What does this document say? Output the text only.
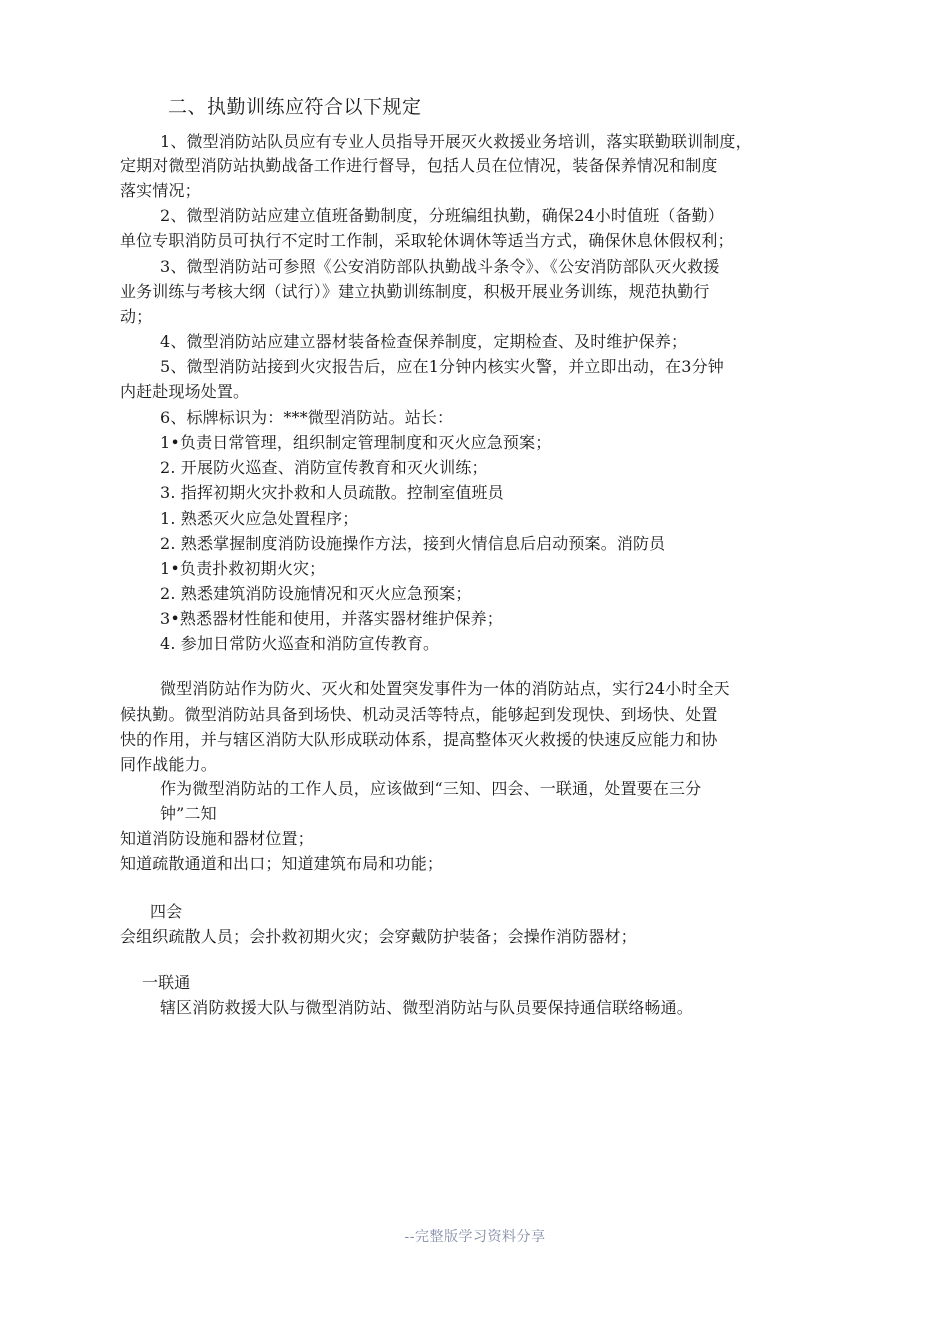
二、执勤训练应符合以下规定
1、微型消防站队员应有专业人员指导开展灭火救援业务培训，落实联勤联训制度，
定期对微型消防站执勤战备工作进行督导，包括人员在位情况，装备保养情况和制度
落实情况；
2、微型消防站应建立值班备勤制度，分班编组执勤，确保24小时值班（备勤）
单位专职消防员可执行不定时工作制，采取轮休调休等适当方式，确保休息休假权利；
3、微型消防站可参照《公安消防部队执勤战斗条令》、《公安消防部队灭火救援
业务训练与考核大纲（试行）》建立执勤训练制度，积极开展业务训练，规范执勤行
动；
4、微型消防站应建立器材装备检查保养制度，定期检查、及时维护保养；
5、微型消防站接到火灾报告后，应在1分钟内核实火警，并立即出动，在3分钟
内赶赴现场处置。
6、标牌标识为：***微型消防站。站长：
1•负责日常管理，组织制定管理制度和灭火应急预案；
2. 开展防火巡查、消防宣传教育和灭火训练；
3. 指挥初期火灾扑救和人员疏散。控制室值班员
1. 熟悉灭火应急处置程序；
2. 熟悉掌握制度消防设施操作方法，接到火情信息后启动预案。消防员
1•负责扑救初期火灾；
2. 熟悉建筑消防设施情况和灭火应急预案；
3•熟悉器材性能和使用，并落实器材维护保养；
4. 参加日常防火巡查和消防宣传教育。
微型消防站作为防火、灭火和处置突发事件为一体的消防站点，实行24小时全天
候执勤。微型消防站具备到场快、机动灵活等特点，能够起到发现快、到场快、处置
快的作用，并与辖区消防大队形成联动体系，提高整体灭火救援的快速反应能力和协
同作战能力。
作为微型消防站的工作人员，应该做到“三知、四会、一联通，处置要在三分
钟”二知
知道消防设施和器材位置；
知道疏散通道和出口；知道建筑布局和功能；
四会
会组织疏散人员；会扑救初期火灾；会穿戴防护装备；会操作消防器材；
一联通
辖区消防救援大队与微型消防站、微型消防站与队员要保持通信联络畅通。
--完整版学习资料分享
